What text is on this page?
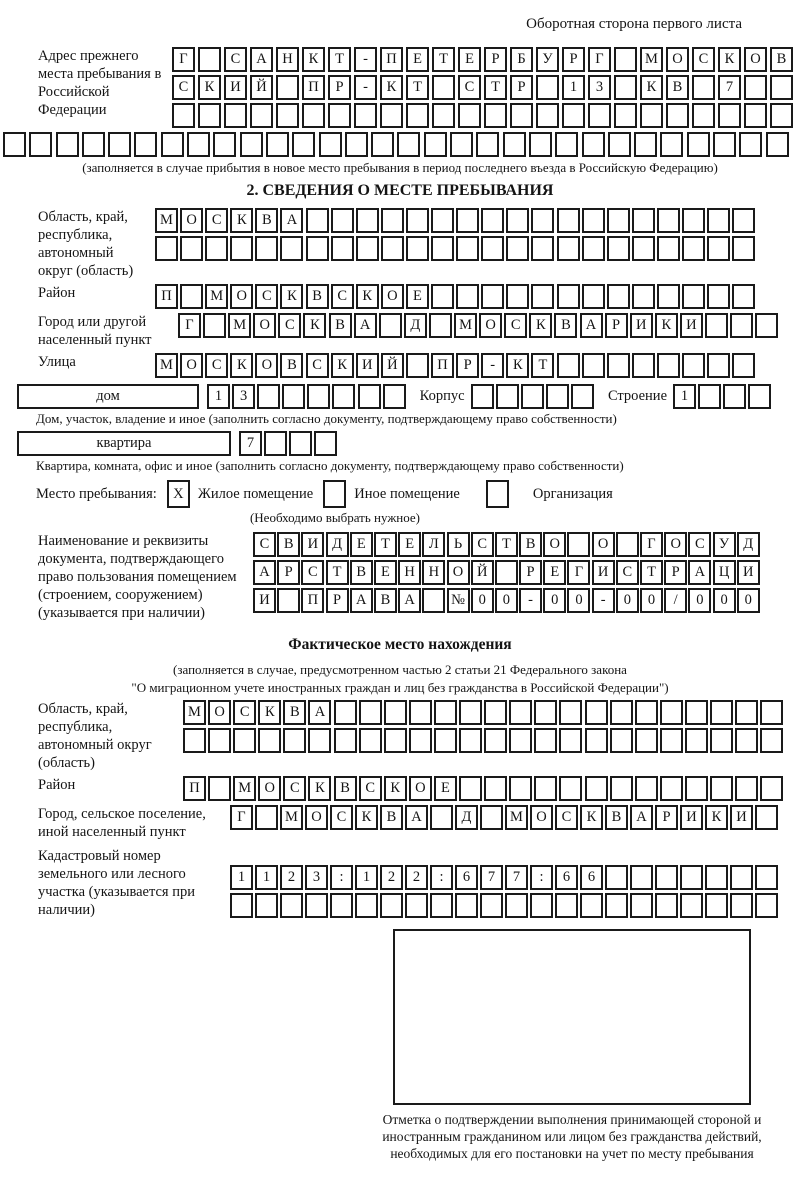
Оборотная сторона первого листа
Адрес прежнего места пребывания в Российской Федерации
Г	С	А	Н	К	Т	-	П	Е	Т	Е	Р	Б	У	Р	Г	М О	С	К	О	В
С	К	И	Й	П	Р	-	К	Т	С	Т	Р	1	3	К	В	7
(заполняется в случае прибытия в новое место пребывания в период последнего въезда в Российскую Федерацию)
2. СВЕДЕНИЯ О МЕСТЕ ПРЕБЫВАНИЯ
Область, край, республика, автономный округ (область)
М О	С	К	В	А
Район	П	М О	С	К	В	С	К	О	Е
Город или другой населенный пункт
Г	М О	С	К	В	А	Д	М О	С	К	В	А	Р	И	К	И
Улица	М О	С	К	О	В	С	К	И	Й	П	Р	-	К	Т
дом	1	3	Корпус	Строение 1
Дом, участок, владение и иное (заполнить согласно документу, подтверждающему право собственности)
квартира	7
Квартира, комната, офис и иное (заполнить согласно документу, подтверждающему право собственности)
Место пребывания:	X Жилое помещение	Иное помещение	Организация
(Необходимо выбрать нужное)
Наименование и реквизиты документа, подтверждающего право пользования помещением (строением, сооружением) (указывается при наличии)
С	В И Д	Е	Т	Е	Л	Ь	С	Т	В О	О	Г	О С У Д
А	Р	С	Т	В	Е	Н Н О Й	Р	Е	Г	И С	Т	Р	А Ц И
И	П	Р	А В А	№ 0	0	-	0	0	-	0	0	/	0	0	0
Фактическое место нахождения
(заполняется в случае, предусмотренном частью 2 статьи 21 Федерального закона
"О миграционном учете иностранных граждан и лиц без гражданства в Российской Федерации")
Область, край, республика, автономный округ (область)
М О	С	К	В	А
Район	П	М О	С	К	В	С	К	О	Е
Город, сельское поселение, иной населенный пункт
Г	М О	С	К	В	А	Д	М О	С	К	В	А	Р	И	К	И
Кадастровый номер земельного или лесного участка (указывается при наличии)
1	1	2	3	:	1	2	2	:	6	7	7	:	6	6
Отметка о подтверждении выполнения принимающей стороной и иностранным гражданином или лицом без гражданства действий, необходимых для его постановки на учет по месту пребывания
